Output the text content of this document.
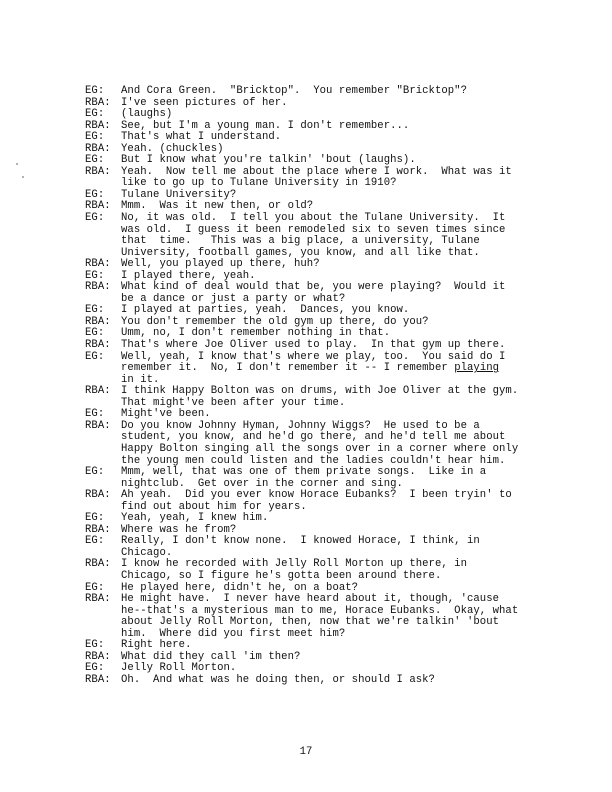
EG:	And Cora Green.  "Bricktop".  You remember "Bricktop"?
RBA: I've seen pictures of her.
EG:	(laughs)
RBA: See, but I'm a young man. I don't remember...
EG:	That's what I understand.
RBA: Yeah. (chuckles)
EG:	But I know what you're talkin' 'bout (laughs).
RBA: Yeah.  Now tell me about the place where I work.  What was it
like to go up to Tulane University in 1910?
EG:	Tulane University?
RBA: Mmm.  Was it new then, or old?
EG:	No, it was old.  I tell you about the Tulane University.  It
was old.  I guess it been remodeled six to seven times since
that  time.   This was a big place, a university, Tulane
University, football games, you know, and all like that.
RBA: Well, you played up there, huh?
EG:	I played there, yeah.
RBA: What kind of deal would that be, you were playing?  Would it
be a dance or just a party or what?
EG:	I played at parties, yeah.  Dances, you know.
RBA: You don't remember the old gym up there, do you?
EG:	Umm, no, I don't remember nothing in that.
RBA: That's where Joe Oliver used to play.  In that gym up there.
EG:	Well, yeah, I know that's where we play, too.  You said do I
remember it.  No, I don't remember it -- I remember playing
in it.
RBA: I think Happy Bolton was on drums, with Joe Oliver at the gym.
That might've been after your time.
EG:	Might've been.
RBA: Do you know Johnny Hyman, Johnny Wiggs?  He used to be a
student, you know, and he'd go there, and he'd tell me about
Happy Bolton singing all the songs over in a corner where only
the young men could listen and the ladies couldn't hear him.
EG:	Mmm, well, that was one of them private songs.  Like in a
nightclub.  Get over in the corner and sing.
RBA: Ah yeah.  Did you ever know Horace Eubanks?  I been tryin' to
find out about him for years.
EG:	Yeah, yeah, I knew him.
RBA: Where was he from?
EG:	Really, I don't know none.  I knowed Horace, I think, in
Chicago.
RBA: I know he recorded with Jelly Roll Morton up there, in
Chicago, so I figure he's gotta been around there.
EG:	He played here, didn't he, on a boat?
RBA: He might have.  I never have heard about it, though, 'cause
he--that's a mysterious man to me, Horace Eubanks.  Okay, what
about Jelly Roll Morton, then, now that we're talkin' 'bout
him.  Where did you first meet him?
EG:	Right here.
RBA: What did they call 'im then?
EG:	Jelly Roll Morton.
RBA: Oh.  And what was he doing then, or should I ask?
17
